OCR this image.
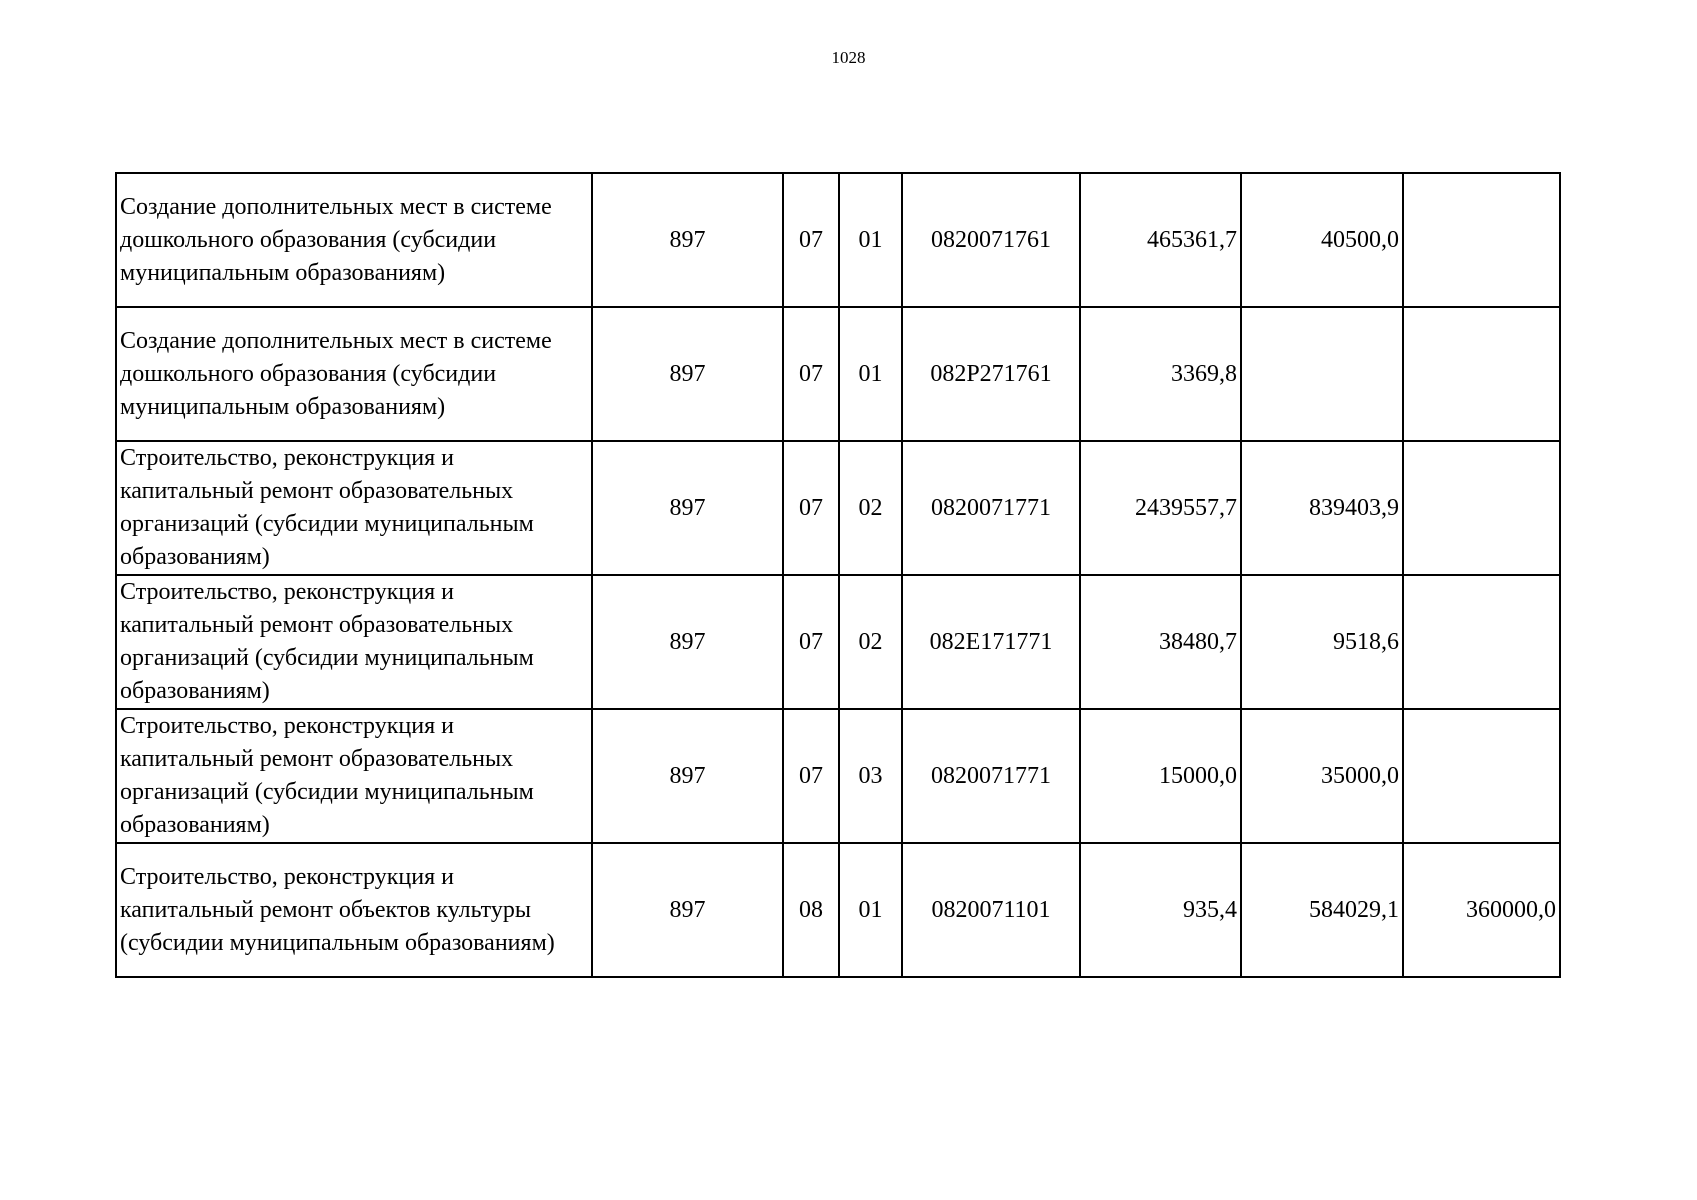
1028
Создание дополнительных мест в системе дошкольного образования (субсидии муниципальным образованиям)	897	07	01	0820071761	465361,7	40500,0	
Создание дополнительных мест в системе дошкольного образования (субсидии муниципальным образованиям)	897	07	01	082P271761	3369,8		
Строительство, реконструкция и капитальный ремонт образовательных организаций (субсидии муниципальным образованиям)	897	07	02	0820071771	2439557,7	839403,9	
Строительство, реконструкция и капитальный ремонт образовательных организаций (субсидии муниципальным образованиям)	897	07	02	082E171771	38480,7	9518,6	
Строительство, реконструкция и капитальный ремонт образовательных организаций (субсидии муниципальным образованиям)	897	07	03	0820071771	15000,0	35000,0	
Строительство, реконструкция и капитальный ремонт объектов культуры (субсидии муниципальным образованиям)	897	08	01	0820071101	935,4	584029,1	360000,0
